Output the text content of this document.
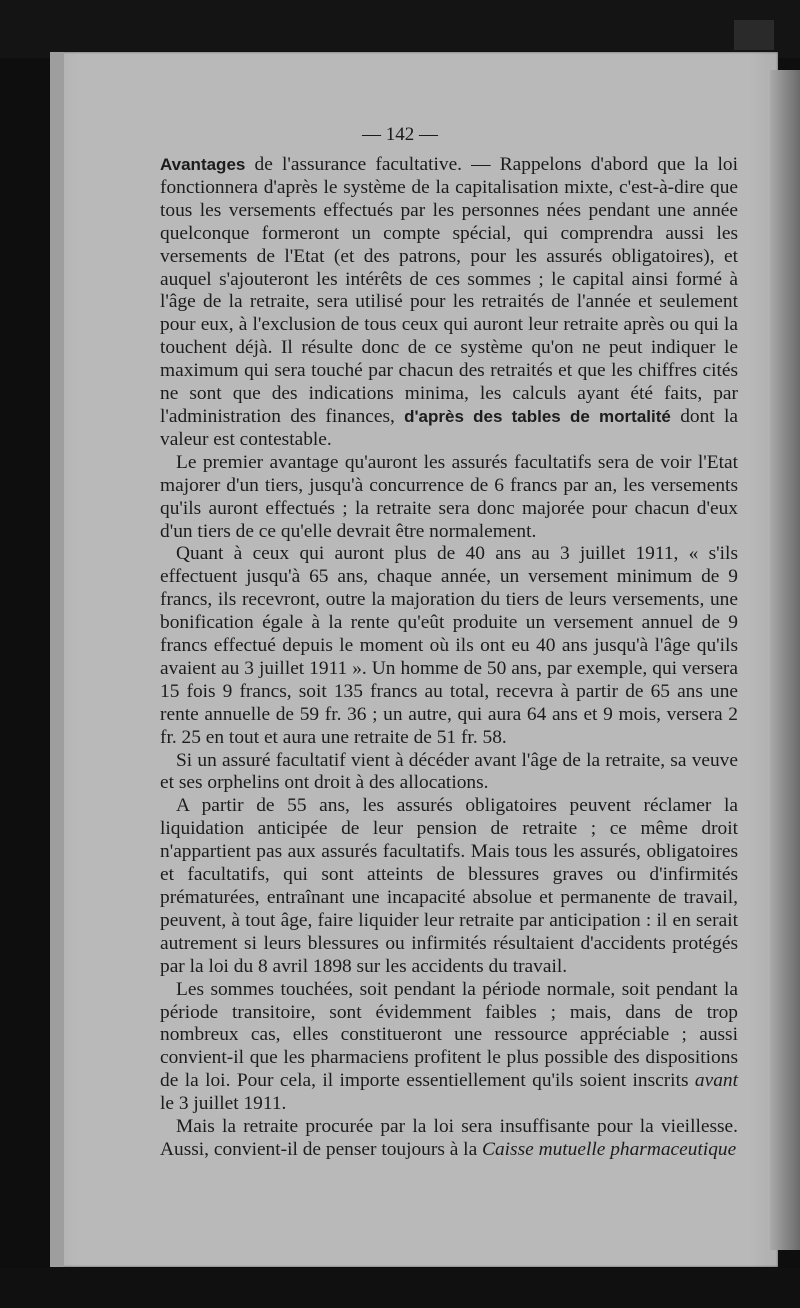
— 142 —

Avantages de l'assurance facultative. — Rappelons d'abord que la loi fonctionnera d'après le système de la capitalisation mixte, c'est-à-dire que tous les versements effectués par les personnes nées pendant une année quelconque formeront un compte spécial, qui comprendra aussi les versements de l'Etat (et des patrons, pour les assurés obligatoires), et auquel s'ajouteront les intérêts de ces sommes ; le capital ainsi formé à l'âge de la retraite, sera utilisé pour les retraités de l'année et seulement pour eux, à l'exclusion de tous ceux qui auront leur retraite après ou qui la touchent déjà. Il résulte donc de ce système qu'on ne peut indiquer le maximum qui sera touché par chacun des retraités et que les chiffres cités ne sont que des indications minima, les calculs ayant été faits, par l'administration des finances, d'après des tables de mortalité dont la valeur est contestable.

Le premier avantage qu'auront les assurés facultatifs sera de voir l'Etat majorer d'un tiers, jusqu'à concurrence de 6 francs par an, les versements qu'ils auront effectués ; la retraite sera donc majorée pour chacun d'eux d'un tiers de ce qu'elle devrait être normalement.

Quant à ceux qui auront plus de 40 ans au 3 juillet 1911, « s'ils effectuent jusqu'à 65 ans, chaque année, un versement minimum de 9 francs, ils recevront, outre la majoration du tiers de leurs versements, une bonification égale à la rente qu'eût produite un versement annuel de 9 francs effectué depuis le moment où ils ont eu 40 ans jusqu'à l'âge qu'ils avaient au 3 juillet 1911 ». Un homme de 50 ans, par exemple, qui versera 15 fois 9 francs, soit 135 francs au total, recevra à partir de 65 ans une rente annuelle de 59 fr. 36 ; un autre, qui aura 64 ans et 9 mois, versera 2 fr. 25 en tout et aura une retraite de 51 fr. 58.

Si un assuré facultatif vient à décéder avant l'âge de la retraite, sa veuve et ses orphelins ont droit à des allocations.

A partir de 55 ans, les assurés obligatoires peuvent réclamer la liquidation anticipée de leur pension de retraite ; ce même droit n'appartient pas aux assurés facultatifs. Mais tous les assurés, obligatoires et facultatifs, qui sont atteints de blessures graves ou d'infirmités prématurées, entraînant une incapacité absolue et permanente de travail, peuvent, à tout âge, faire liquider leur retraite par anticipation : il en serait autrement si leurs blessures ou infirmités résultaient d'accidents protégés par la loi du 8 avril 1898 sur les accidents du travail.

Les sommes touchées, soit pendant la période normale, soit pendant la période transitoire, sont évidemment faibles ; mais, dans de trop nombreux cas, elles constitueront une ressource appréciable ; aussi convient-il que les pharmaciens profitent le plus possible des dispositions de la loi. Pour cela, il importe essentiellement qu'ils soient inscrits avant le 3 juillet 1911.

Mais la retraite procurée par la loi sera insuffisante pour la vieillesse. Aussi, convient-il de penser toujours à la Caisse mutuelle pharmaceutique
